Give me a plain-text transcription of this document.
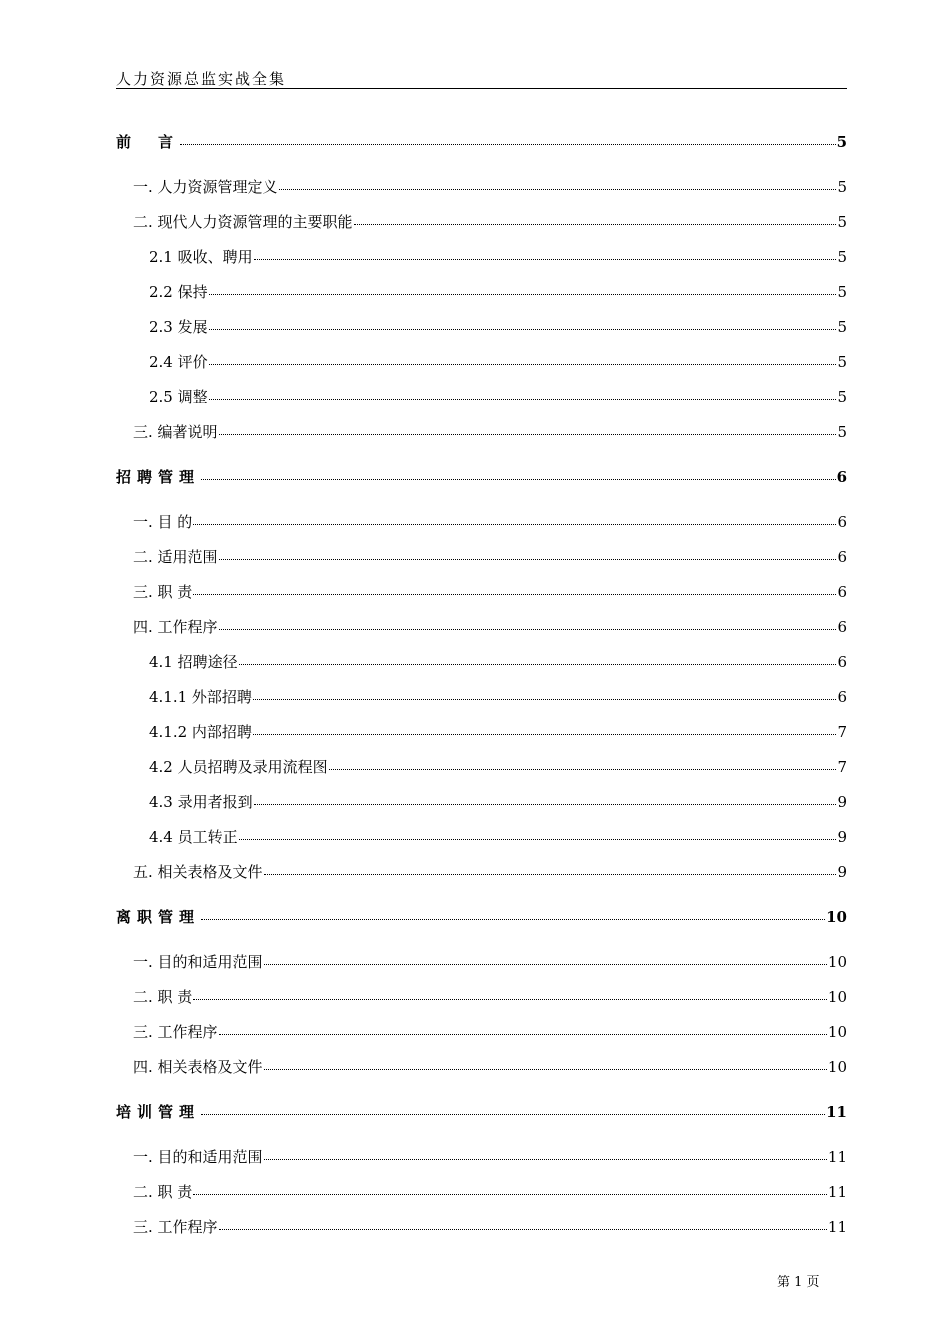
人力资源总监实战全集
前　言	5
一. 人力资源管理定义	5
二. 现代人力资源管理的主要职能	5
2.1 吸收、聘用	5
2.2 保持	5
2.3 发展	5
2.4 评价	5
2.5 调整	5
三. 编著说明	5
招聘管理	6
一. 目 的	6
二. 适用范围	6
三. 职 责	6
四. 工作程序	6
4.1 招聘途径	6
4.1.1 外部招聘	6
4.1.2 内部招聘	7
4.2 人员招聘及录用流程图	7
4.3 录用者报到	9
4.4 员工转正	9
五. 相关表格及文件	9
离职管理	10
一. 目的和适用范围	10
二. 职 责	10
三. 工作程序	10
四. 相关表格及文件	10
培训管理	11
一. 目的和适用范围	11
二. 职 责	11
三. 工作程序	11
第 1 页
